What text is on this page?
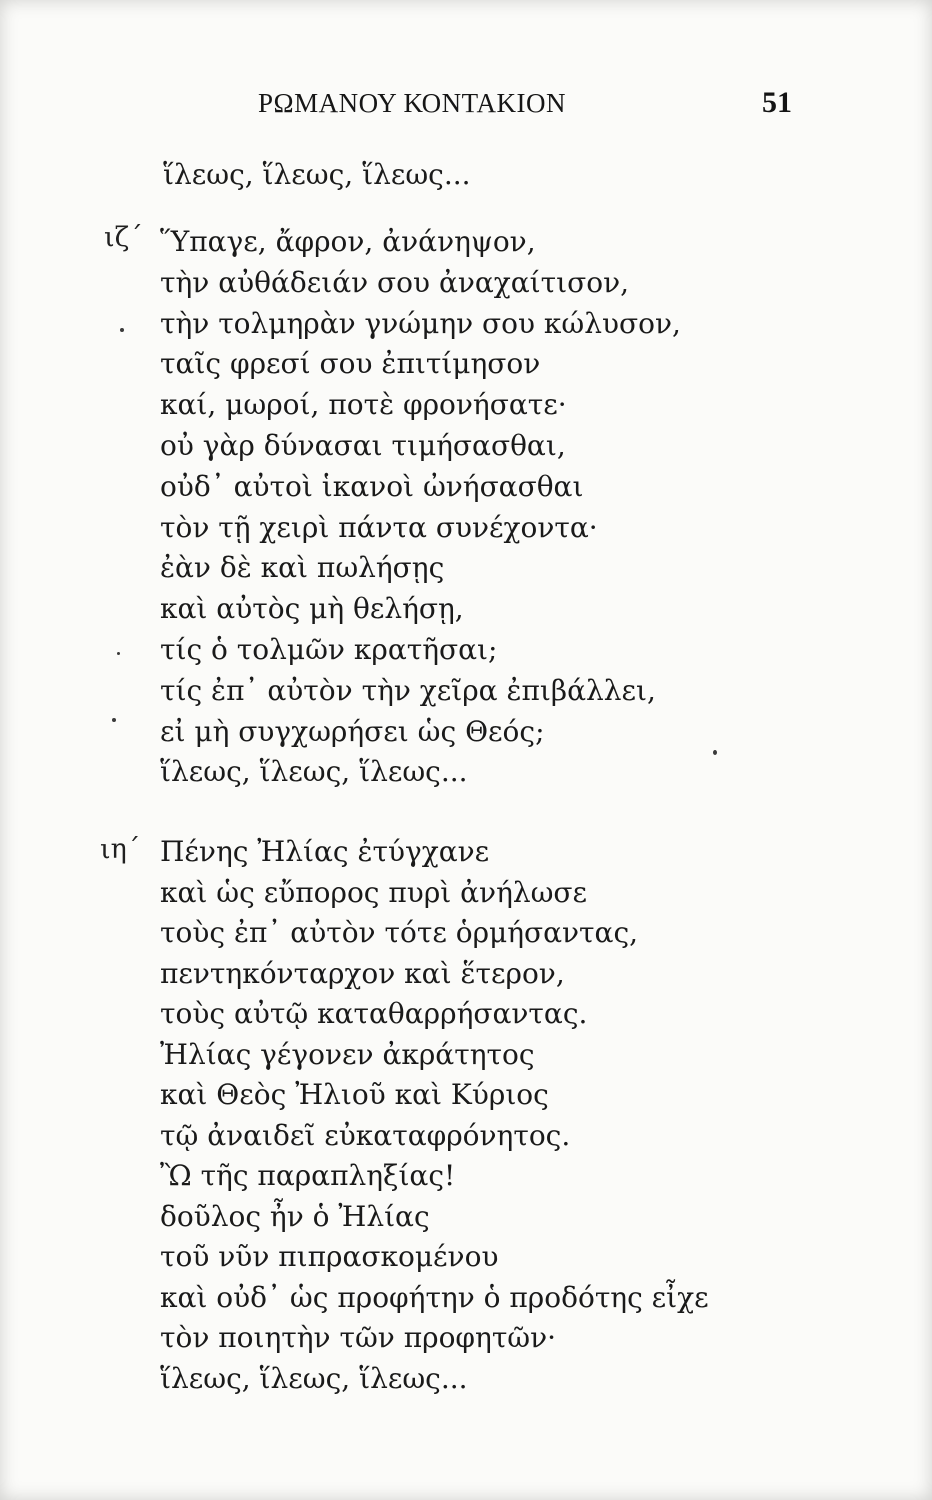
ΡΩΜΑΝΟΥ ΚΟΝΤΑΚΙΟΝ	51
ἵλεως, ἵλεως, ἵλεως...
ιζ΄ Ὕπαγε, ἄφρον, ἀνάνηψον,
τὴν αὐθάδειάν σου ἀναχαίτισον,
τὴν τολμηρὰν γνώμην σου κώλυσον,
ταῖς φρεσί σου ἐπιτίμησον
καί, μωροί, ποτὲ φρονήσατε·
οὐ γὰρ δύνασαι τιμήσασθαι,
οὐδ᾽ αὐτοὶ ἱκανοὶ ὠνήσασθαι
τὸν τῇ χειρὶ πάντα συνέχοντα·
ἐὰν δὲ καὶ πωλήσῃς
καὶ αὐτὸς μὴ θελήσῃ,
τίς ὁ τολμῶν κρατῆσαι;
τίς ἐπ᾽ αὐτὸν τὴν χεῖρα ἐπιβάλλει,
εἰ μὴ συγχωρήσει ὡς Θεός;
ἵλεως, ἵλεως, ἵλεως...
ιη΄ Πένης Ἠλίας ἐτύγχανε
καὶ ὡς εὔπορος πυρὶ ἀνήλωσε
τοὺς ἐπ᾽ αὐτὸν τότε ὁρμήσαντας,
πεντηκόνταρχον καὶ ἕτερον,
τοὺς αὐτῷ καταθαρρήσαντας.
Ἠλίας γέγονεν ἀκράτητος
καὶ Θεὸς Ἠλιοῦ καὶ Κύριος
τῷ ἀναιδεῖ εὐκαταφρόνητος.
Ὢ τῆς παραπληξίας!
δοῦλος ἦν ὁ Ἠλίας
τοῦ νῦν πιπρασκομένου
καὶ οὐδ᾽ ὡς προφήτην ὁ προδότης εἶχε
τὸν ποιητὴν τῶν προφητῶν·
ἵλεως, ἵλεως, ἵλεως...
